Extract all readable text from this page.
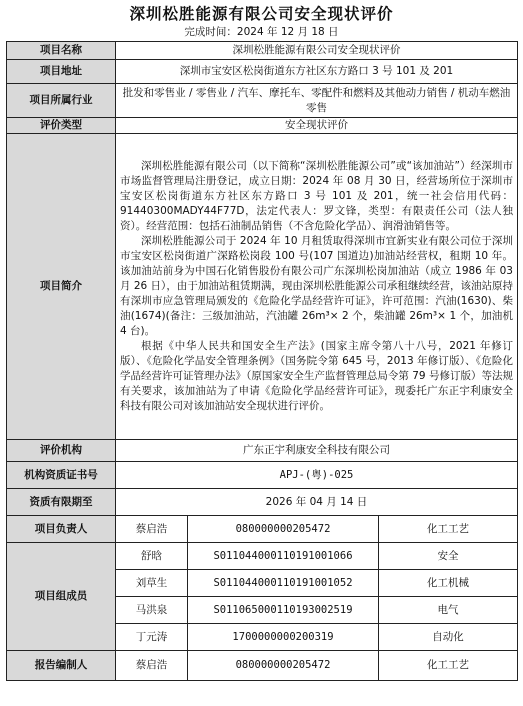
深圳松胜能源有限公司安全现状评价
完成时间：2024 年 12 月 18 日
项目名称	深圳松胜能源有限公司安全现状评价		
项目地址	深圳市宝安区松岗街道东方社区东方路口 3 号 101 及 201		
项目所属行业	批发和零售业 / 零售业 / 汽车、摩托车、零配件和燃料及其他动力销售 / 机动车燃油零售		
评价类型	安全现状评价		
项目简介	深圳松胜能源有限公司（以下简称“深圳松胜能源公司”或“该加油站”）经深圳市市场监督管理局注册登记，成立日期：2024 年 08 月 30 日，经营场所位于深圳市宝安区松岗街道东方社区东方路口 3 号 101 及 201，统一社会信用代码：91440300MADY44F77D，法定代表人：罗文锋，类型：有限责任公司（法人独资）。经营范围：包括石油制品销售（不含危险化学品）、润滑油销售等。

深圳松胜能源公司于 2024 年 10 月租赁取得深圳市宜新实业有限公司位于深圳市宝安区松岗街道广深路松岗段 100 号(107 国道边)加油站经营权，租期 10 年。该加油站前身为中国石化销售股份有限公司广东深圳松岗加油站（成立 1986 年 03 月 26 日），由于加油站租赁期满，现由深圳松胜能源公司承租继续经营，该油站原持有深圳市应急管理局颁发的《危险化学品经营许可证》，许可范围：汽油(1630)、柴油(1674)(备注：三级加油站，汽油罐 26m³× 2 个，柴油罐 26m³× 1 个，加油机 4 台)。

根据《中华人民共和国安全生产法》(国家主席令第八十八号，2021 年修订版）、《危险化学品安全管理条例》（国务院令第 645 号，2013 年修订版）、《危险化学品经营许可证管理办法》（原国家安全生产监督管理总局令第 79 号修订版）等法规有关要求，该加油站为了申请《危险化学品经营许可证》，现委托广东正宇利康安全科技有限公司对该加油站安全现状进行评价。		

评价机构	广东正宇利康安全科技有限公司		
机构资质证书号	APJ-(粤)-025		
资质有限期至	2026 年 04 月 14 日		
项目负责人	蔡启浩	080000000205472	化工工艺
项目组成员	舒晗	S011044000110191001066	安全
	刘草生	S011044000110191001052	化工机械
	马洪泉	S011065000110193002519	电气
	丁元涛	1700000000200319	自动化
报告编制人	蔡启浩	080000000205472	化工工艺
